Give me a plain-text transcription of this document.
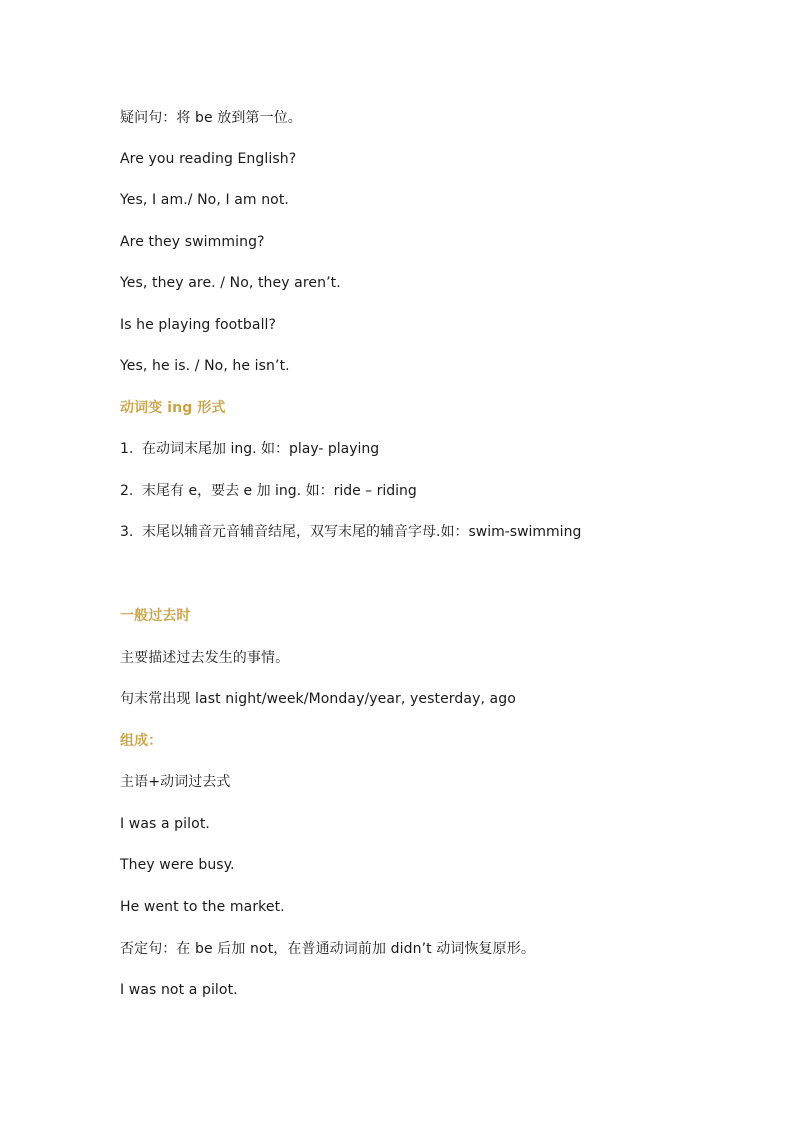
疑问句：将 be 放到第一位。
Are you reading English?
Yes, I am./ No, I am not.
Are they swimming?
Yes, they are. / No, they aren’t.
Is he playing football?
Yes, he is. / No, he isn’t.
动词变 ing 形式
1. 在动词末尾加 ing. 如：play- playing
2. 末尾有 e，要去 e 加 ing. 如：ride – riding
3. 末尾以辅音元音辅音结尾，双写末尾的辅音字母.如：swim-swimming
一般过去时
主要描述过去发生的事情。
句末常出现 last night/week/Monday/year, yesterday, ago
组成：
主语+动词过去式
I was a pilot.
They were busy.
He went to the market.
否定句：在 be 后加 not，在普通动词前加 didn’t 动词恢复原形。
I was not a pilot.
